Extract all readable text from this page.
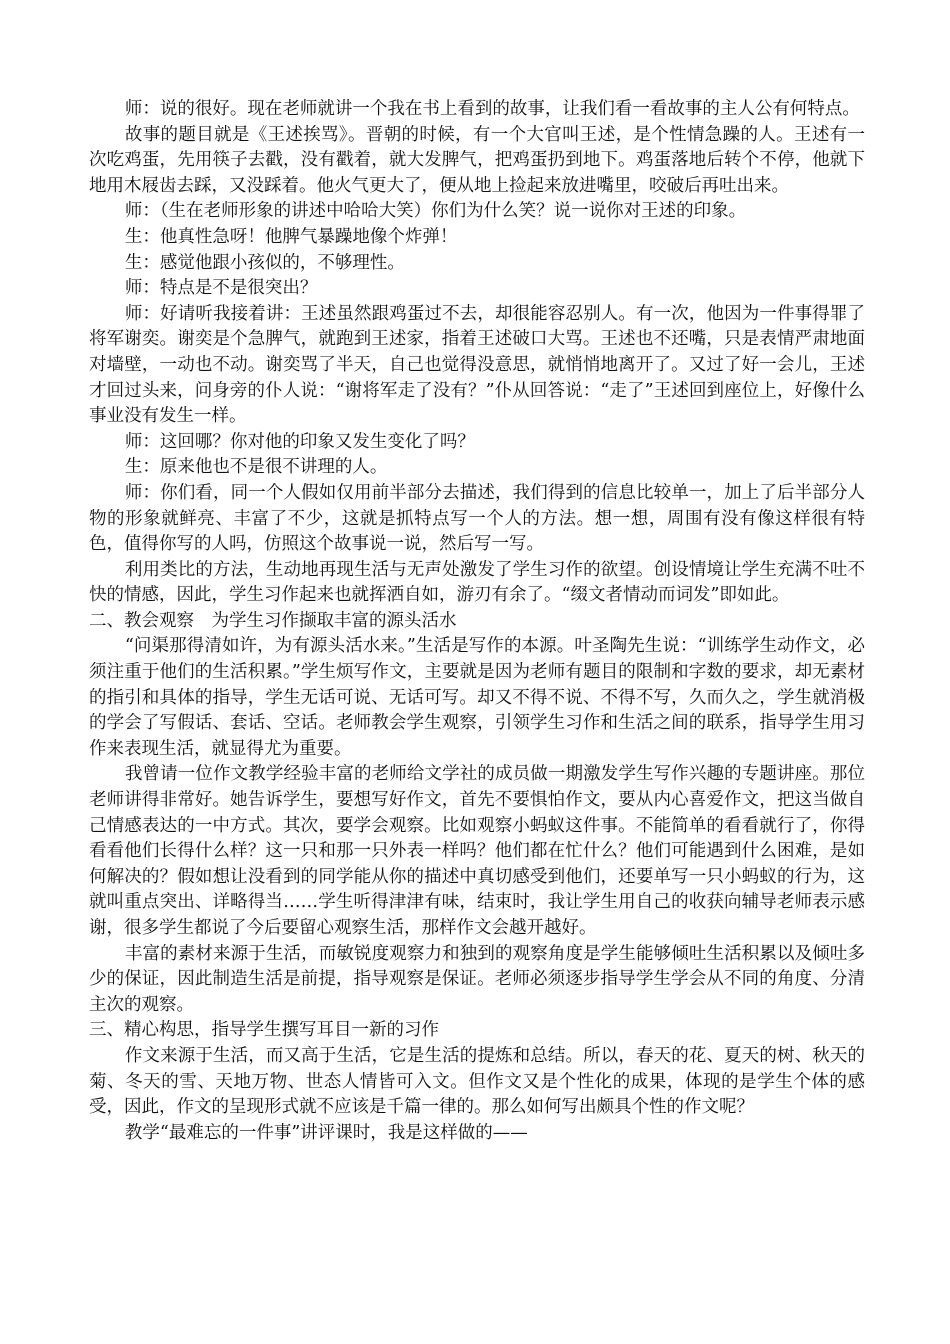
师：说的很好。现在老师就讲一个我在书上看到的故事，让我们看一看故事的主人公有何特点。

故事的题目就是《王述挨骂》。晋朝的时候，有一个大官叫王述，是个性情急躁的人。王述有一次吃鸡蛋，先用筷子去戳，没有戳着，就大发脾气，把鸡蛋扔到地下。鸡蛋落地后转个不停，他就下地用木屐齿去踩，又没踩着。他火气更大了，便从地上捡起来放进嘴里，咬破后再吐出来。

师：（生在老师形象的讲述中哈哈大笑）你们为什么笑？说一说你对王述的印象。

生：他真性急呀！他脾气暴躁地像个炸弹！

生：感觉他跟小孩似的，不够理性。

师：特点是不是很突出？

师：好请听我接着讲：王述虽然跟鸡蛋过不去，却很能容忍别人。有一次，他因为一件事得罪了将军谢奕。谢奕是个急脾气，就跑到王述家，指着王述破口大骂。王述也不还嘴，只是表情严肃地面对墙壁，一动也不动。谢奕骂了半天，自己也觉得没意思，就悄悄地离开了。又过了好一会儿，王述才回过头来，问身旁的仆人说：“谢将军走了没有？”仆从回答说：“走了”王述回到座位上，好像什么事业没有发生一样。

师：这回哪？你对他的印象又发生变化了吗？

生：原来他也不是很不讲理的人。

师：你们看，同一个人假如仅用前半部分去描述，我们得到的信息比较单一，加上了后半部分人物的形象就鲜亮、丰富了不少，这就是抓特点写一个人的方法。想一想，周围有没有像这样很有特色，值得你写的人吗，仿照这个故事说一说，然后写一写。

利用类比的方法，生动地再现生活与无声处激发了学生习作的欲望。创设情境让学生充满不吐不快的情感，因此，学生习作起来也就挥洒自如，游刃有余了。“缀文者情动而词发”即如此。

二、教会观察　为学生习作撷取丰富的源头活水

“问渠那得清如许，为有源头活水来。”生活是写作的本源。叶圣陶先生说：“训练学生动作文，必须注重于他们的生活积累。”学生烦写作文，主要就是因为老师有题目的限制和字数的要求，却无素材的指引和具体的指导，学生无话可说、无话可写。却又不得不说、不得不写，久而久之，学生就消极的学会了写假话、套话、空话。老师教会学生观察，引领学生习作和生活之间的联系，指导学生用习作来表现生活，就显得尤为重要。

我曾请一位作文教学经验丰富的老师给文学社的成员做一期激发学生写作兴趣的专题讲座。那位老师讲得非常好。她告诉学生，要想写好作文，首先不要惧怕作文，要从内心喜爱作文，把这当做自己情感表达的一中方式。其次，要学会观察。比如观察小蚂蚁这件事。不能简单的看看就行了，你得看看他们长得什么样？这一只和那一只外表一样吗？他们都在忙什么？他们可能遇到什么困难，是如何解决的？假如想让没看到的同学能从你的描述中真切感受到他们，还要单写一只小蚂蚁的行为，这就叫重点突出、详略得当……学生听得津津有味，结束时，我让学生用自己的收获向辅导老师表示感谢，很多学生都说了今后要留心观察生活，那样作文会越开越好。

丰富的素材来源于生活，而敏锐度观察力和独到的观察角度是学生能够倾吐生活积累以及倾吐多少的保证，因此制造生活是前提，指导观察是保证。老师必须逐步指导学生学会从不同的角度、分清主次的观察。

三、精心构思，指导学生撰写耳目一新的习作

作文来源于生活，而又高于生活，它是生活的提炼和总结。所以，春天的花、夏天的树、秋天的菊、冬天的雪、天地万物、世态人情皆可入文。但作文又是个性化的成果，体现的是学生个体的感受，因此，作文的呈现形式就不应该是千篇一律的。那么如何写出颇具个性的作文呢？

教学“最难忘的一件事”讲评课时，我是这样做的——
